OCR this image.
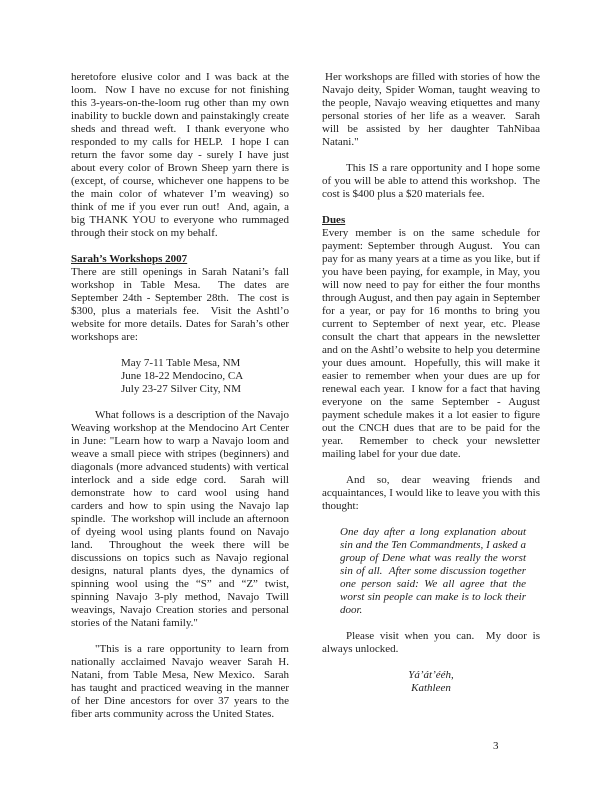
heretofore elusive color and I was back at the loom.  Now I have no excuse for not finishing this 3-years-on-the-loom rug other than my own inability to buckle down and painstakingly create sheds and thread weft.  I thank everyone who responded to my calls for HELP.  I hope I can return the favor some day - surely I have just about every color of Brown Sheep yarn there is (except, of course, whichever one happens to be the main color of whatever I’m weaving) so think of me if you ever run out!  And, again, a big THANK YOU to everyone who rummaged through their stock on my behalf.

Sarah’s Workshops 2007

There are still openings in Sarah Natani’s fall workshop in Table Mesa.  The dates are September 24th - September 28th.  The cost is $300, plus a materials fee.  Visit the Ashtl’o website for more details. Dates for Sarah’s other workshops are:

May 7-11 Table Mesa, NM
June 18-22 Mendocino, CA
July 23-27 Silver City, NM

What follows is a description of the Navajo Weaving workshop at the Mendocino Art Center in June: "Learn how to warp a Navajo loom and weave a small piece with stripes (beginners) and diagonals (more advanced students) with vertical interlock and a side edge cord.  Sarah will demonstrate how to card wool using hand carders and how to spin using the Navajo lap spindle.  The workshop will include an afternoon of dyeing wool using plants found on Navajo land.  Throughout the week there will be discussions on topics such as Navajo regional designs, natural plants dyes, the dynamics of spinning wool using the “S” and “Z” twist, spinning Navajo 3-ply method, Navajo Twill weavings, Navajo Creation stories and personal stories of the Natani family."

"This is a rare opportunity to learn from nationally acclaimed Navajo weaver Sarah H. Natani, from Table Mesa, New Mexico.  Sarah has taught and practiced weaving in the manner of her Dine ancestors for over 37 years to the fiber arts community across the United States.

Her workshops are filled with stories of how the Navajo deity, Spider Woman, taught weaving to the people, Navajo weaving etiquettes and many personal stories of her life as a weaver.  Sarah will be assisted by her daughter TahNibaa Natani."

This IS a rare opportunity and I hope some of you will be able to attend this workshop.  The cost is $400 plus a $20 materials fee.

Dues

Every member is on the same schedule for payment: September through August.  You can pay for as many years at a time as you like, but if you have been paying, for example, in May, you will now need to pay for either the four months through August, and then pay again in September for a year, or pay for 16 months to bring you current to September of next year, etc. Please consult the chart that appears in the newsletter and on the Ashtl’o website to help you determine your dues amount.  Hopefully, this will make it easier to remember when your dues are up for renewal each year.  I know for a fact that having everyone on the same September - August payment schedule makes it a lot easier to figure out the CNCH dues that are to be paid for the year.  Remember to check your newsletter mailing label for your due date.

And so, dear weaving friends and acquaintances, I would like to leave you with this thought:

One day after a long explanation about sin and the Ten Commandments, I asked a group of Dene what was really the worst sin of all.  After some discussion together one person said: We all agree that the worst sin people can make is to lock their door.

Please visit when you can.  My door is always unlocked.

Yá’át’ééh,
Kathleen
3
